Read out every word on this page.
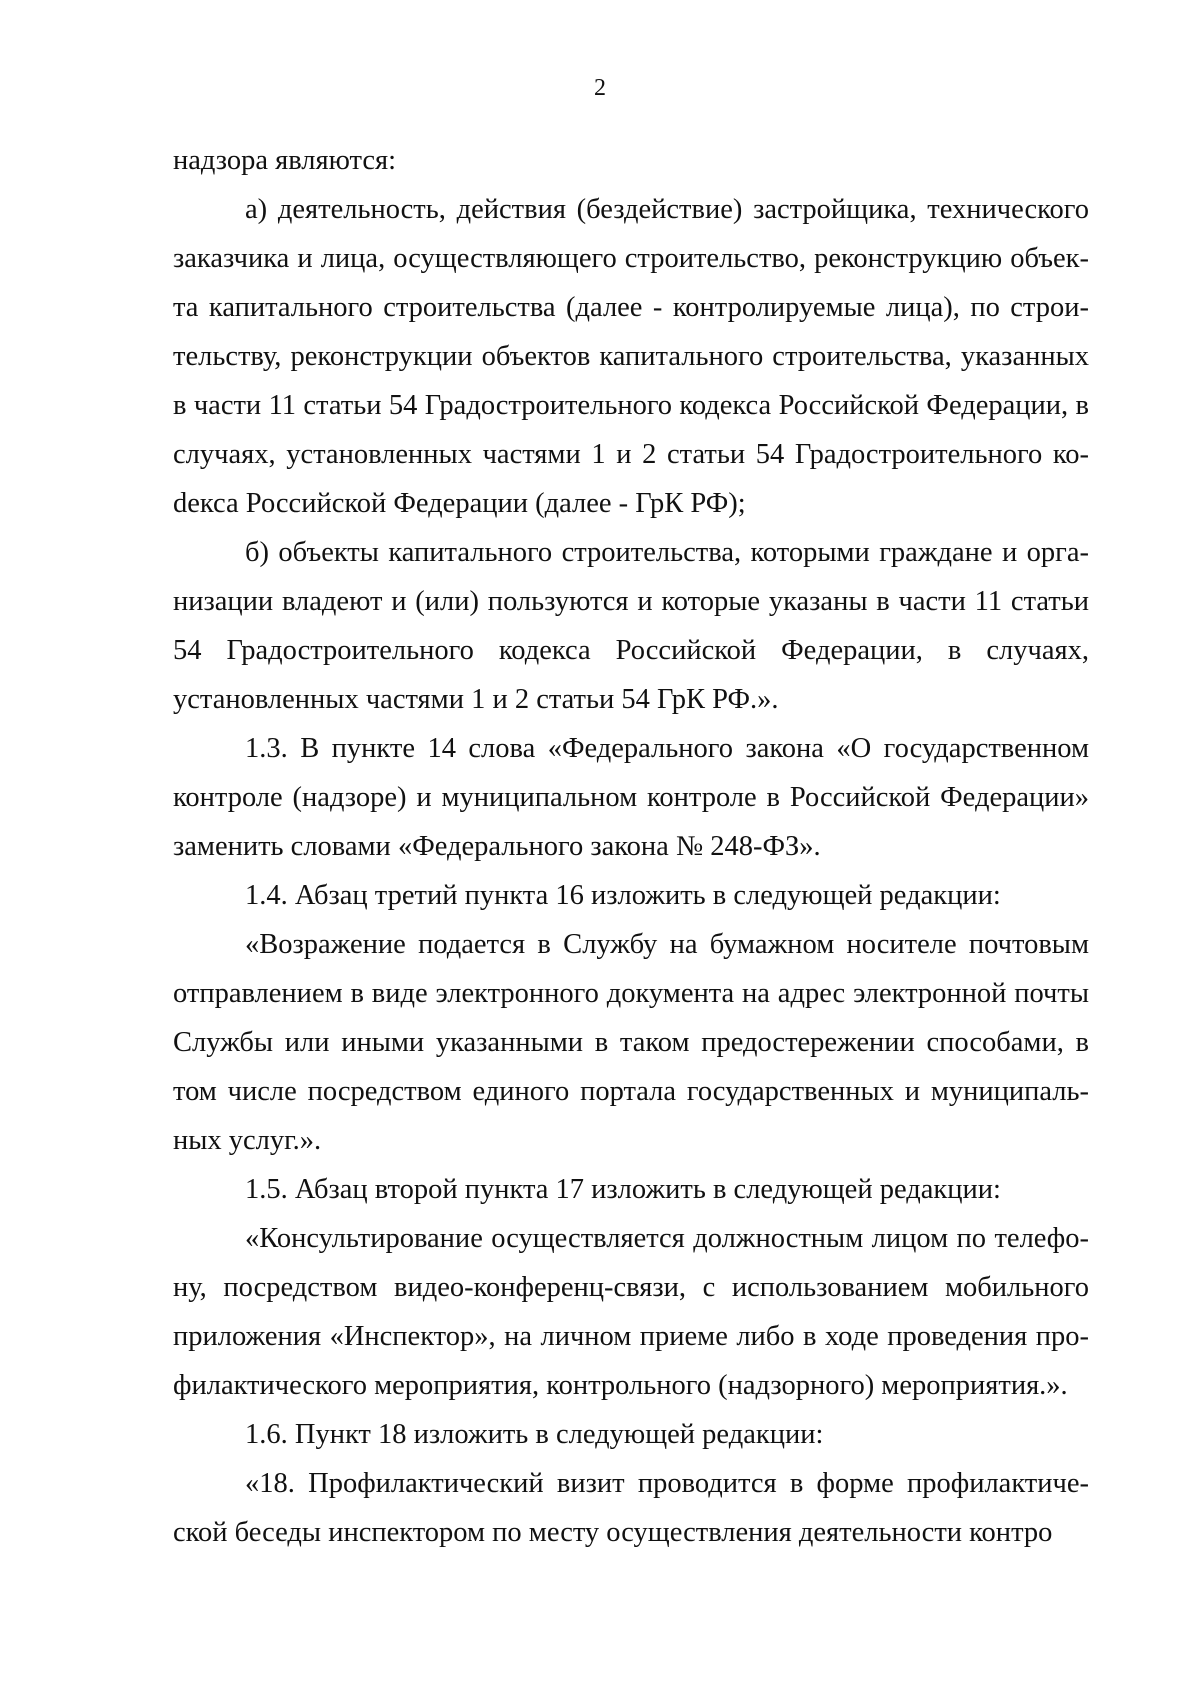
2

надзора являются:

а) деятельность, действия (бездействие) застройщика, технического заказчика и лица, осуществляющего строительство, реконструкцию объекта капитального строительства (далее - контролируемые лица), по строительству, реконструкции объектов капитального строительства, указанных в части 11 статьи 54 Градостроительного кодекса Российской Федерации, в случаях, установленных частями 1 и 2 статьи 54 Градостроительного коdекса Российской Федерации (далее - ГрК РФ);

б) объекты капитального строительства, которыми граждане и организации владеют и (или) пользуются и которые указаны в части 11 статьи 54 Градостроительного кодекса Российской Федерации, в случаях, установленных частями 1 и 2 статьи 54 ГрК РФ.».

1.3. В пункте 14 слова «Федерального закона «О государственном контроле (надзоре) и муниципальном контроле в Российской Федерации» заменить словами «Федерального закона № 248-ФЗ».

1.4. Абзац третий пункта 16 изложить в следующей редакции:

«Возражение подается в Службу на бумажном носителе почтовым отправлением в виде электронного документа на адрес электронной почты Службы или иными указанными в таком предостережении способами, в том числе посредством единого портала государственных и муниципальных услуг.».

1.5. Абзац второй пункта 17 изложить в следующей редакции:

«Консультирование осуществляется должностным лицом по телефону, посредством видео-конференц-связи, с использованием мобильного приложения «Инспектор», на личном приеме либо в ходе проведения профилактического мероприятия, контрольного (надзорного) мероприятия.».

1.6. Пункт 18 изложить в следующей редакции:

«18. Профилактический визит проводится в форме профилактической беседы инспектором по месту осуществления деятельности контро
